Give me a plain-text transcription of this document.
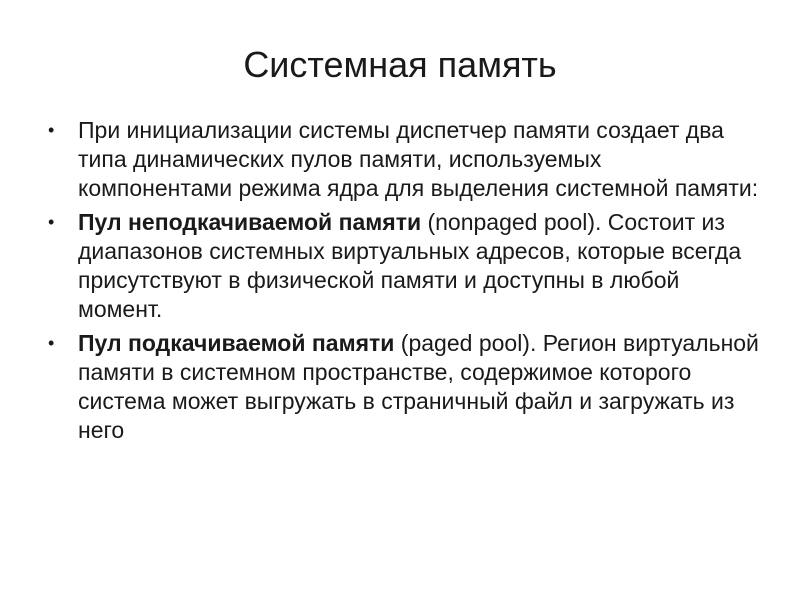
Системная память
• При инициализации системы диспетчер памяти создает два типа динамических пулов памяти, используемых компонентами режима ядра для выделения системной памяти:
• Пул неподкачиваемой памяти (nonpaged pool). Состоит из диапазонов системных виртуальных адресов, которые всегда присутствуют в физической памяти и доступны в любой момент.
• Пул подкачиваемой памяти (paged pool). Регион виртуальной памяти в системном пространстве, содержимое которого система может выгружать в страничный файл и загружать из него
